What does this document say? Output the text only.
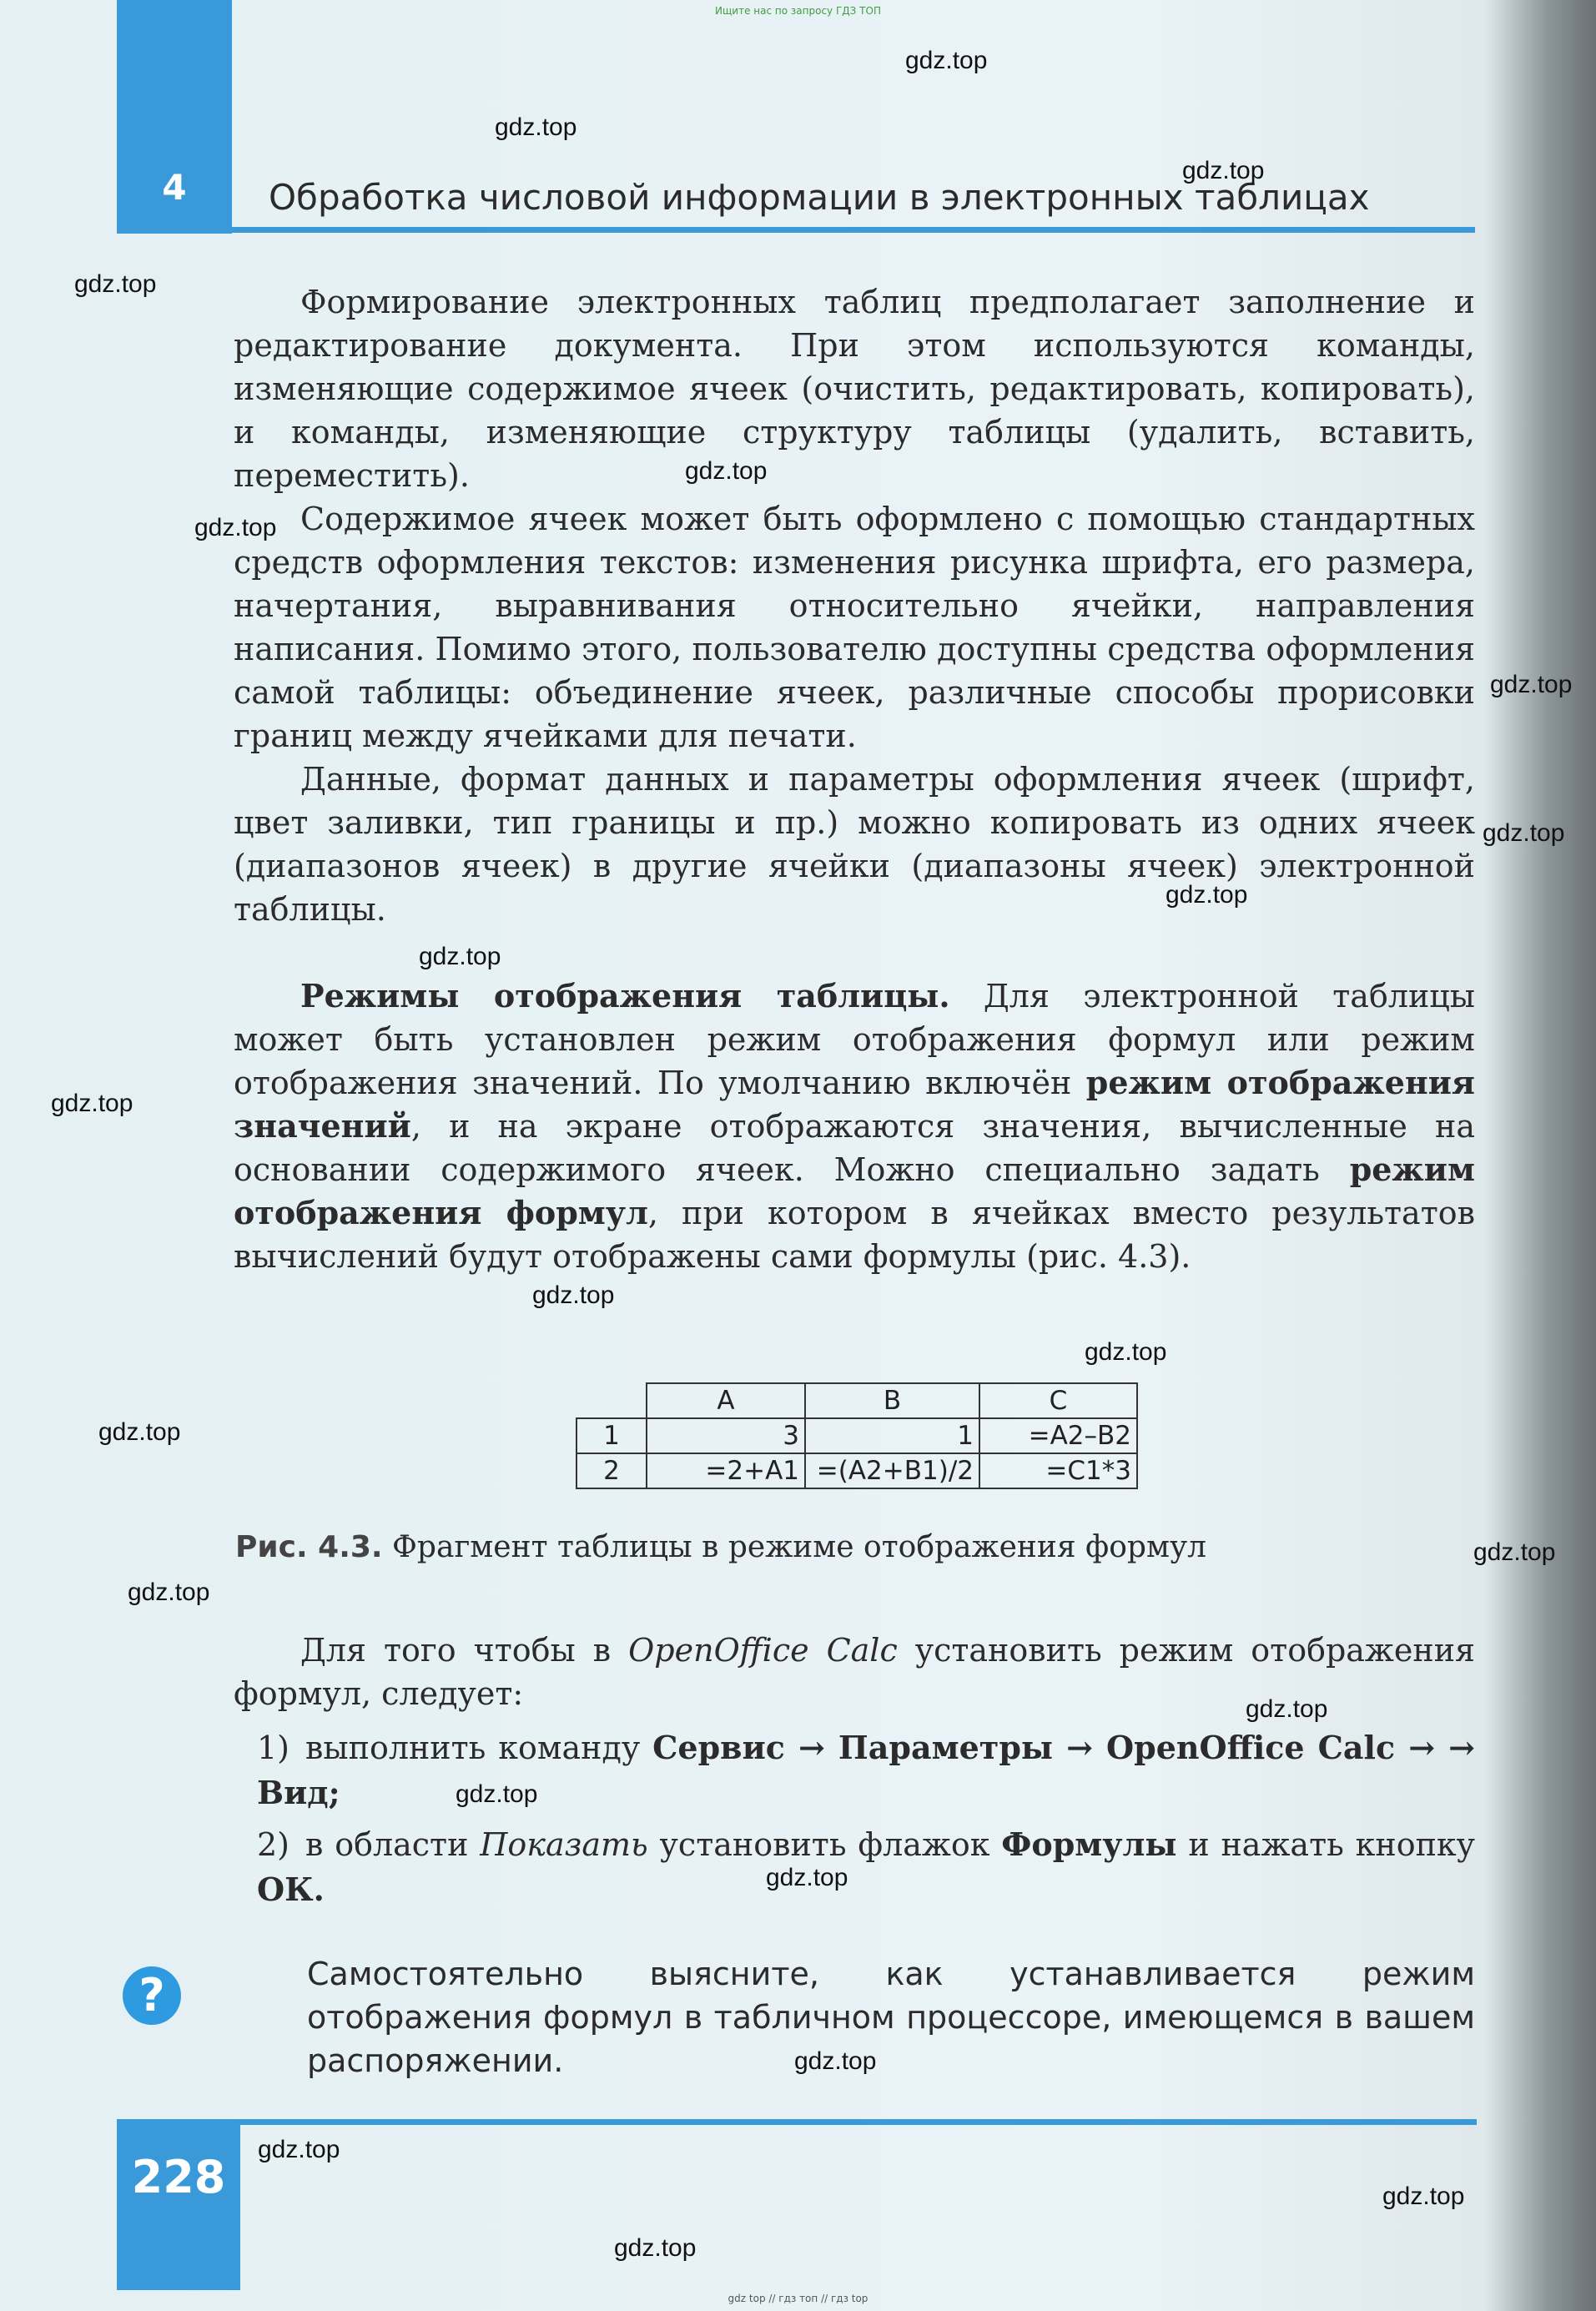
Ищите нас по запросу ГДЗ ТОП
4	Обработка числовой информации в электронных таблицах
Формирование электронных таблиц предполагает заполнение и редактирование документа. При этом используются команды, изменяющие содержимое ячеек (очистить, редактировать, копировать), и команды, изменяющие структуру таблицы (удалить, вставить, переместить).
Содержимое ячеек может быть оформлено с помощью стандартных средств оформления текстов: изменения рисунка шрифта, его размера, начертания, выравнивания относительно ячейки, направления написания. Помимо этого, пользователю доступны средства оформления самой таблицы: объединение ячеек, различные способы прорисовки границ между ячейками для печати.
Данные, формат данных и параметры оформления ячеек (шрифт, цвет заливки, тип границы и пр.) можно копировать из одних ячеек (диапазонов ячеек) в другие ячейки (диапазоны ячеек) электронной таблицы.
Режимы отображения таблицы. Для электронной таблицы может быть установлен режим отображения формул или режим отображения значений. По умолчанию включён режим отображения значений, и на экране отображаются значения, вычисленные на основании содержимого ячеек. Можно специально задать режим отображения формул, при котором в ячейках вместо результатов вычислений будут отображены сами формулы (рис. 4.3).
	A	B	C
1	3	1	=A2–B2
2	=2+A1	=(A2+B1)/2	=C1*3
Рис. 4.3. Фрагмент таблицы в режиме отображения формул
Для того чтобы в OpenOffice Calc установить режим отображения формул, следует:
1) выполнить команду Сервис → Параметры → OpenOffice Calc → → Вид;
2) в области Показать установить флажок Формулы и нажать кнопку ОК.
?	Самостоятельно выясните, как устанавливается режим отображения формул в табличном процессоре, имеющемся в вашем распоряжении.
228
gdz top // гдз топ // гдз top
gdz.top
gdz.top
gdz.top
gdz.top
gdz.top
gdz.top
gdz.top
gdz.top
gdz.top
gdz.top
gdz.top
gdz.top
gdz.top
gdz.top
gdz.top
gdz.top
gdz.top
gdz.top
gdz.top
gdz.top
gdz.top
gdz.top
gdz.top
